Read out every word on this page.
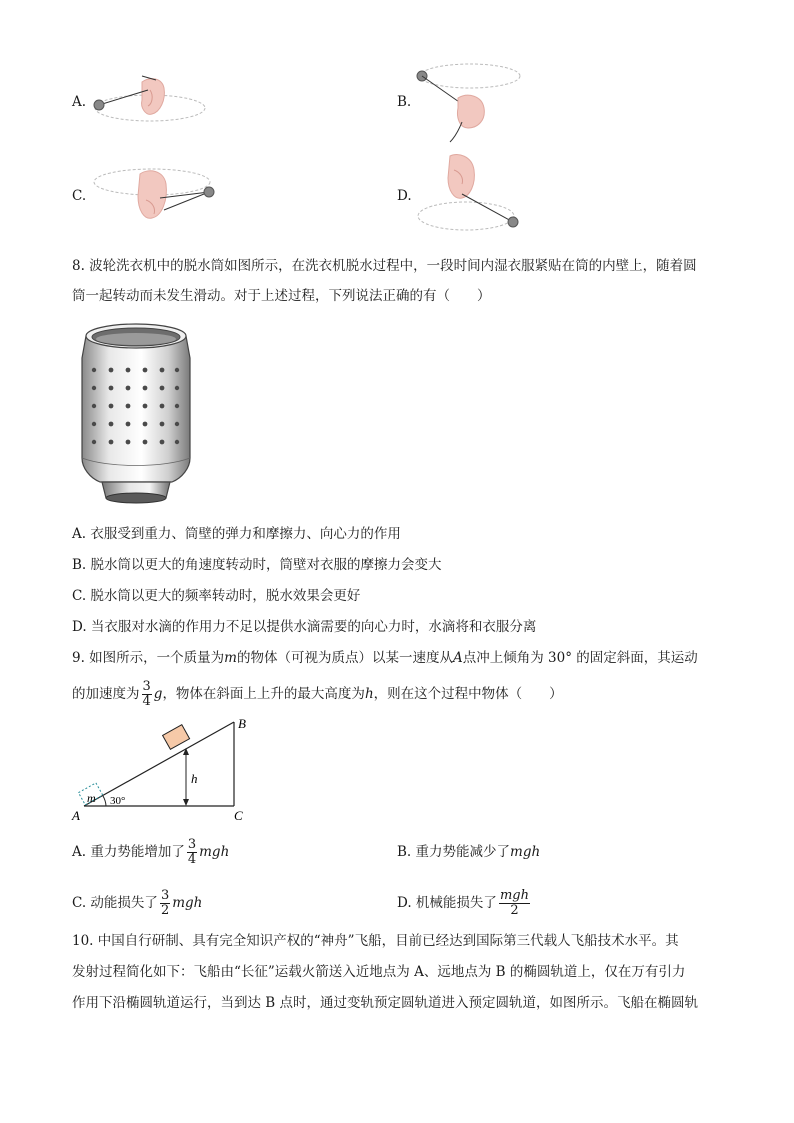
A.	B.
C.	D.
8. 波轮洗衣机中的脱水筒如图所示，在洗衣机脱水过程中，一段时间内湿衣服紧贴在筒的内壁上，随着圆
筒一起转动而未发生滑动。对于上述过程，下列说法正确的有（　　）
A. 衣服受到重力、筒壁的弹力和摩擦力、向心力的作用
B. 脱水筒以更大的角速度转动时，筒壁对衣服的摩擦力会变大
C. 脱水筒以更大的频率转动时，脱水效果会更好
D. 当衣服对水滴的作用力不足以提供水滴需要的向心力时，水滴将和衣服分离
9. 如图所示，一个质量为m的物体（可视为质点）以某一速度从A点冲上倾角为 30° 的固定斜面，其运动
的加速度为 $\frac{3}{4}$ g，物体在斜面上上升的最大高度为h，则在这个过程中物体（　　）
h
B
C
A
m 30°
A. 重力势能增加了 $\frac{3}{4}$ mgh	B. 重力势能减少了mgh
C. 动能损失了 $\frac{3}{2}$ mgh	D. 机械能损失了 $\frac{\text{mgh}}{2}$
10. 中国自行研制、具有完全知识产权的“神舟”飞船，目前已经达到国际第三代载人飞船技术水平。其
发射过程简化如下：飞船由“长征”运载火箭送入近地点为 A、远地点为 B 的椭圆轨道上，仅在万有引力
作用下沿椭圆轨道运行，当到达 B 点时，通过变轨预定圆轨道进入预定圆轨道，如图所示。飞船在椭圆轨
